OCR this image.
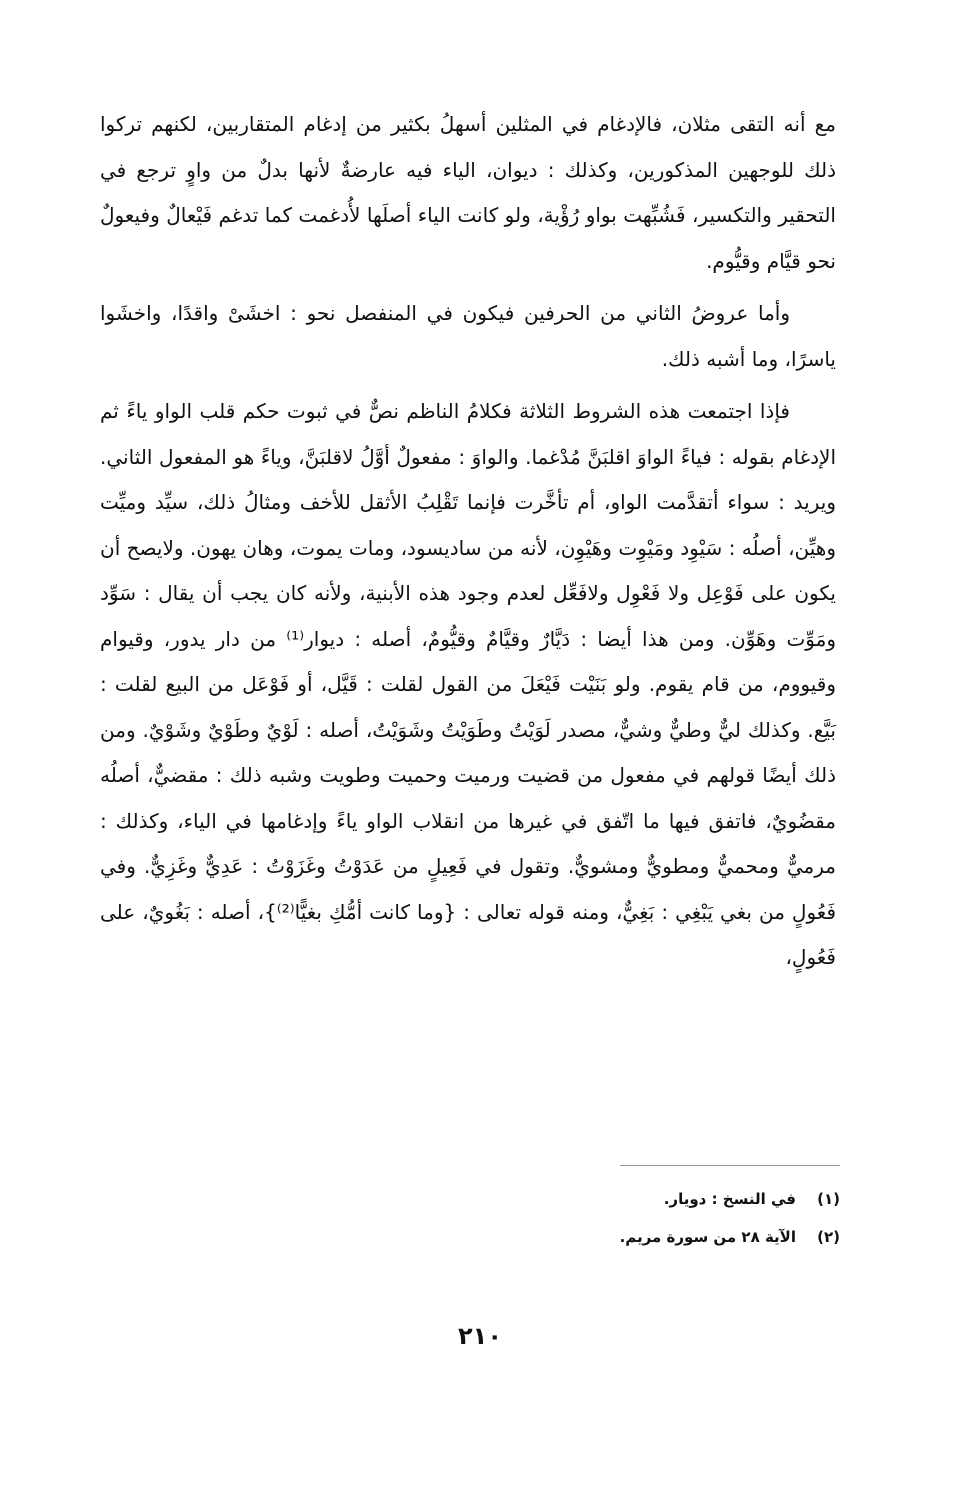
مع أنه التقى مثلان، فالإدغام في المثلين أسهلُ بكثير من إدغام المتقاربين، لكنهم تركوا ذلك للوجهين المذكورين، وكذلك : ديوان، الياء فيه عارضةٌ لأنها بدلٌ من واوٍ ترجع في التحقير والتكسير، فَشُبِّهت بواو رُؤْية، ولو كانت الياء أصلَها لأُدغمت كما تدغم فَيْعالٌ وفيعولٌ نحو قيَّام وقيُّوم.

وأما عروضُ الثاني من الحرفين فيكون في المنفصل نحو : اخشَىْ واقدًا، واخشَوا ياسرًا، وما أشبه ذلك.

فإذا اجتمعت هذه الشروط الثلاثة فكلامُ الناظم نصٌّ في ثبوت حكم قلب الواو ياءً ثم الإدغام بقوله : فياءً الواوَ اقلبَنَّ مُدْغما. والواوَ : مفعولٌ أوَّلُ لاقلبَنَّ، وياءً هو المفعول الثاني. ويريد : سواء أتقدَّمت الواو، أم تأخَّرت فإنما تَقْلِبُ الأثقل للأخف ومثالُ ذلك، سيِّد وميِّت وهيِّن، أصلُه : سَيْوِد ومَيْوِت وهَيْوِن، لأنه من ساديسود، ومات يموت، وهان يهون. ولايصح أن يكون على فَوْعِل ولا فَعْوِل ولافَعِّل لعدم وجود هذه الأبنية، ولأنه كان يجب أن يقال : سَوِّد ومَوِّت وهَوِّن. ومن هذا أيضا : دَيَّارٌ وقيَّامٌ وقيُّومٌ، أصله : ديوار⁽¹⁾ من دار يدور، وقيوام وقيووم، من قام يقوم. ولو بَنَيْت فَيْعَلَ من القول لقلت : قَيَّل، أو فَوْعَل من البيع لقلت : بَيَّع. وكذلك ليٌّ وطيٌّ وشيٌّ، مصدر لَوَيْتُ وطَوَيْتُ وشَوَيْتُ، أصله : لَوْيٌ وطَوْيٌ وشَوْيٌ. ومن ذلك أيضًا قولهم في مفعول من قضيت ورميت وحميت وطويت وشبه ذلك : مقضيٌّ، أصلُه مقضُويٌ، فاتفق فيها ما اتّفق في غيرها من انقلاب الواو ياءً وإدغامها في الياء، وكذلك : مرميٌّ ومحميٌّ ومطويٌّ ومشويٌّ. وتقول في فَعِيلٍ من عَدَوْتُ وغَزَوْتُ : عَدِيٌّ وغَزِيٌّ. وفي فَعُولٍ من بغي يَبْغِي : بَغِيٌّ، ومنه قوله تعالى : {وما كانت أمُّكِ بغيًّا⁽²⁾}، أصله : بَغُويٌ، على فَعُولٍ،

(١)
في النسخ : دويار.
(٢)
الآية ٢٨ من سورة مريم.
٢١٠
